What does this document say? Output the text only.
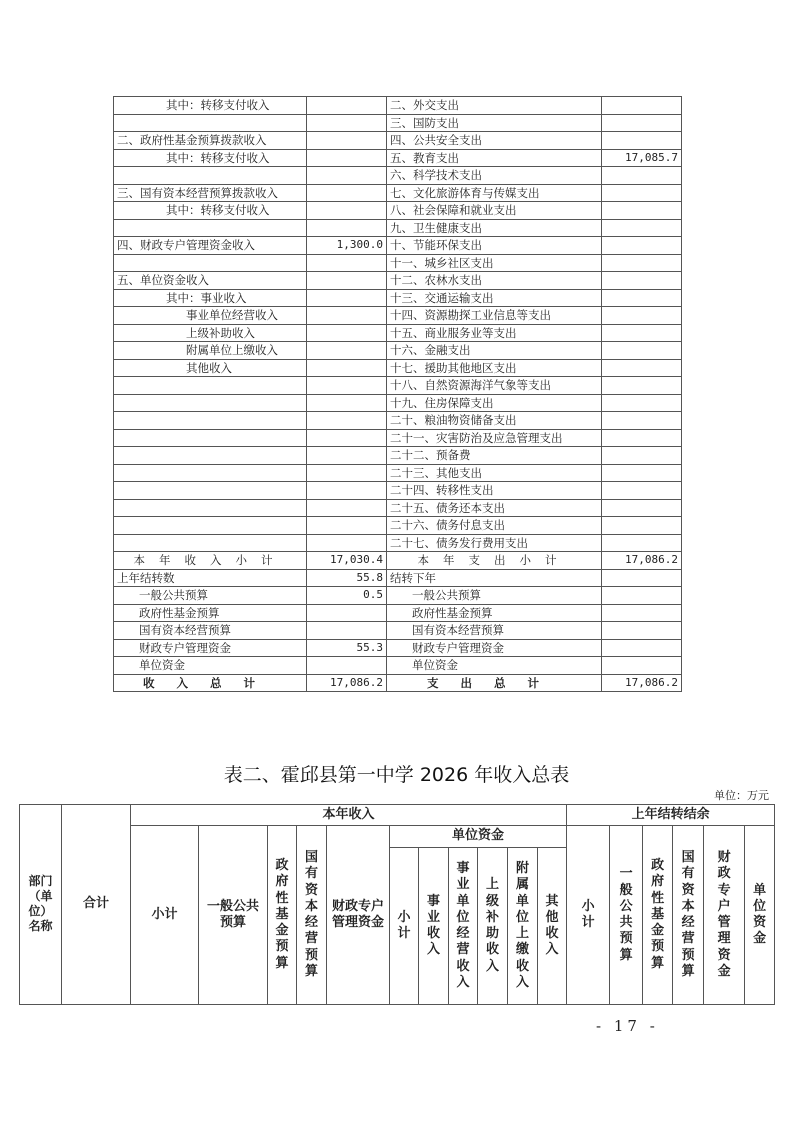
其中：转移支付收入		二、外交支出	
		三、国防支出	
二、政府性基金预算拨款收入		四、公共安全支出	
其中：转移支付收入		五、教育支出	17,085.7
		六、科学技术支出	
三、国有资本经营预算拨款收入		七、文化旅游体育与传媒支出	
其中：转移支付收入		八、社会保障和就业支出	
		九、卫生健康支出	
四、财政专户管理资金收入	1,300.0	十、节能环保支出	
		十一、城乡社区支出	
五、单位资金收入		十二、农林水支出	
其中：事业收入		十三、交通运输支出	
事业单位经营收入		十四、资源勘探工业信息等支出	
上级补助收入		十五、商业服务业等支出	
附属单位上缴收入		十六、金融支出	
其他收入		十七、援助其他地区支出	
		十八、自然资源海洋气象等支出	
		十九、住房保障支出	
		二十、粮油物资储备支出	
		二十一、灾害防治及应急管理支出	
		二十二、预备费	
		二十三、其他支出	
		二十四、转移性支出	
		二十五、债务还本支出	
		二十六、债务付息支出	
		二十七、债务发行费用支出	
本年收入小计	17,030.4	本年支出小计	17,086.2
上年结转数	55.8	结转下年	
一般公共预算	0.5	一般公共预算	
政府性基金预算		政府性基金预算	
国有资本经营预算		国有资本经营预算	
财政专户管理资金	55.3	财政专户管理资金	
单位资金		单位资金	
收入总计	17,086.2	支出总计	17,086.2
表二、霍邱县第一中学 2026 年收入总表
单位：万元
部门（单位）名称	合计	本年收入											上年结转结余					
		小计	一般公共预算	政府性基金预算	国有资本经营预算	财政专户管理资金	单位资金						小计	一般公共预算	政府性基金预算	国有资本经营预算	财政专户管理资金	单位资金
							小计	事业收入	事业单位经营收入	上级补助收入	附属单位上缴收入	其他收入						
- 17 -
